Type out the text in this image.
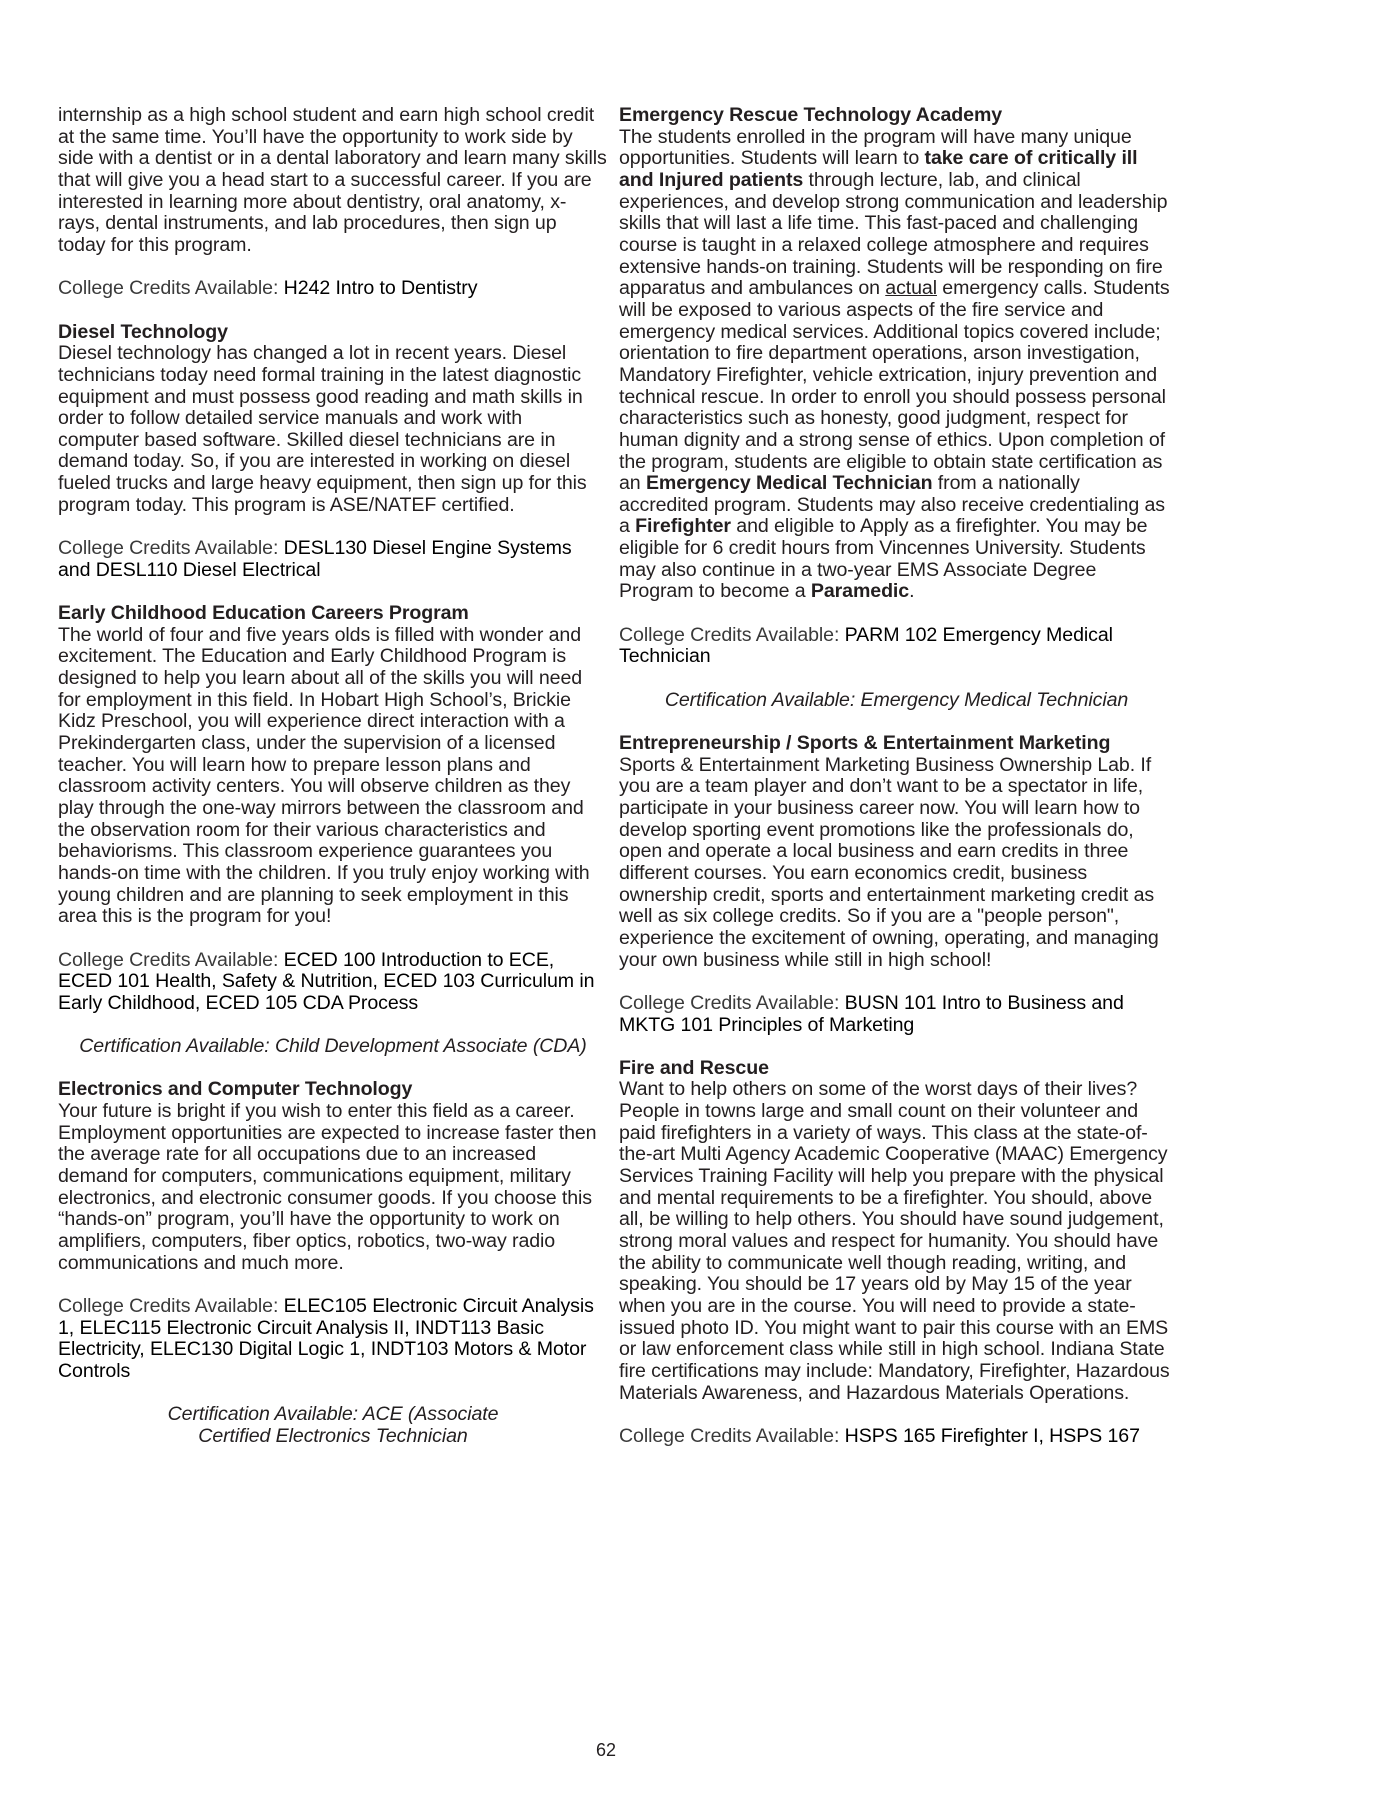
internship as a high school student and earn high school credit at the same time. You’ll have the opportunity to work side by side with a dentist or in a dental laboratory and learn many skills that will give you a head start to a successful career. If you are interested in learning more about dentistry, oral anatomy, x-rays, dental instruments, and lab procedures, then sign up today for this program.
College Credits Available: H242 Intro to Dentistry
Diesel Technology
Diesel technology has changed a lot in recent years. Diesel technicians today need formal training in the latest diagnostic equipment and must possess good reading and math skills in order to follow detailed service manuals and work with computer based software. Skilled diesel technicians are in demand today. So, if you are interested in working on diesel fueled trucks and large heavy equipment, then sign up for this program today. This program is ASE/NATEF certified.
College Credits Available: DESL130 Diesel Engine Systems and DESL110 Diesel Electrical
Early Childhood Education Careers Program
The world of four and five years olds is filled with wonder and excitement. The Education and Early Childhood Program is designed to help you learn about all of the skills you will need for employment in this field. In Hobart High School’s, Brickie Kidz Preschool, you will experience direct interaction with a Prekindergarten class, under the supervision of a licensed teacher. You will learn how to prepare lesson plans and classroom activity centers. You will observe children as they play through the one-way mirrors between the classroom and the observation room for their various characteristics and behaviorisms. This classroom experience guarantees you hands-on time with the children. If you truly enjoy working with young children and are planning to seek employment in this area this is the program for you!
College Credits Available: ECED 100 Introduction to ECE, ECED 101 Health, Safety & Nutrition, ECED 103 Curriculum in Early Childhood, ECED 105 CDA Process
Certification Available: Child Development Associate (CDA)
Electronics and Computer Technology
Your future is bright if you wish to enter this field as a career. Employment opportunities are expected to increase faster then the average rate for all occupations due to an increased demand for computers, communications equipment, military electronics, and electronic consumer goods. If you choose this “hands-on” program, you’ll have the opportunity to work on amplifiers, computers, fiber optics, robotics, two-way radio communications and much more.
College Credits Available: ELEC105 Electronic Circuit Analysis 1, ELEC115 Electronic Circuit Analysis II, INDT113 Basic Electricity, ELEC130 Digital Logic 1, INDT103 Motors & Motor Controls
Certification Available: ACE (Associate
Certified Electronics Technician
Emergency Rescue Technology Academy
The students enrolled in the program will have many unique opportunities. Students will learn to take care of critically ill and Injured patients through lecture, lab, and clinical experiences, and develop strong communication and leadership skills that will last a life time. This fast-paced and challenging course is taught in a relaxed college atmosphere and requires extensive hands-on training. Students will be responding on fire apparatus and ambulances on actual emergency calls. Students will be exposed to various aspects of the fire service and emergency medical services. Additional topics covered include; orientation to fire department operations, arson investigation, Mandatory Firefighter, vehicle extrication, injury prevention and technical rescue. In order to enroll you should possess personal characteristics such as honesty, good judgment, respect for human dignity and a strong sense of ethics. Upon completion of the program, students are eligible to obtain state certification as an Emergency Medical Technician from a nationally accredited program. Students may also receive credentialing as a Firefighter and eligible to Apply as a firefighter. You may be eligible for 6 credit hours from Vincennes University. Students may also continue in a two-year EMS Associate Degree Program to become a Paramedic.
College Credits Available: PARM 102 Emergency Medical Technician
Certification Available: Emergency Medical Technician
Entrepreneurship / Sports & Entertainment Marketing
Sports & Entertainment Marketing Business Ownership Lab. If you are a team player and don’t want to be a spectator in life, participate in your business career now. You will learn how to develop sporting event promotions like the professionals do, open and operate a local business and earn credits in three different courses. You earn economics credit, business ownership credit, sports and entertainment marketing credit as well as six college credits. So if you are a "people person", experience the excitement of owning, operating, and managing your own business while still in high school!
College Credits Available: BUSN 101 Intro to Business and MKTG 101 Principles of Marketing
Fire and Rescue
Want to help others on some of the worst days of their lives? People in towns large and small count on their volunteer and paid firefighters in a variety of ways. This class at the state-of-the-art Multi Agency Academic Cooperative (MAAC) Emergency Services Training Facility will help you prepare with the physical and mental requirements to be a firefighter. You should, above all, be willing to help others. You should have sound judgement, strong moral values and respect for humanity. You should have the ability to communicate well though reading, writing, and speaking. You should be 17 years old by May 15 of the year when you are in the course. You will need to provide a state-issued photo ID. You might want to pair this course with an EMS or law enforcement class while still in high school. Indiana State fire certifications may include: Mandatory, Firefighter, Hazardous Materials Awareness, and Hazardous Materials Operations.
College Credits Available: HSPS 165 Firefighter I, HSPS 167
62
